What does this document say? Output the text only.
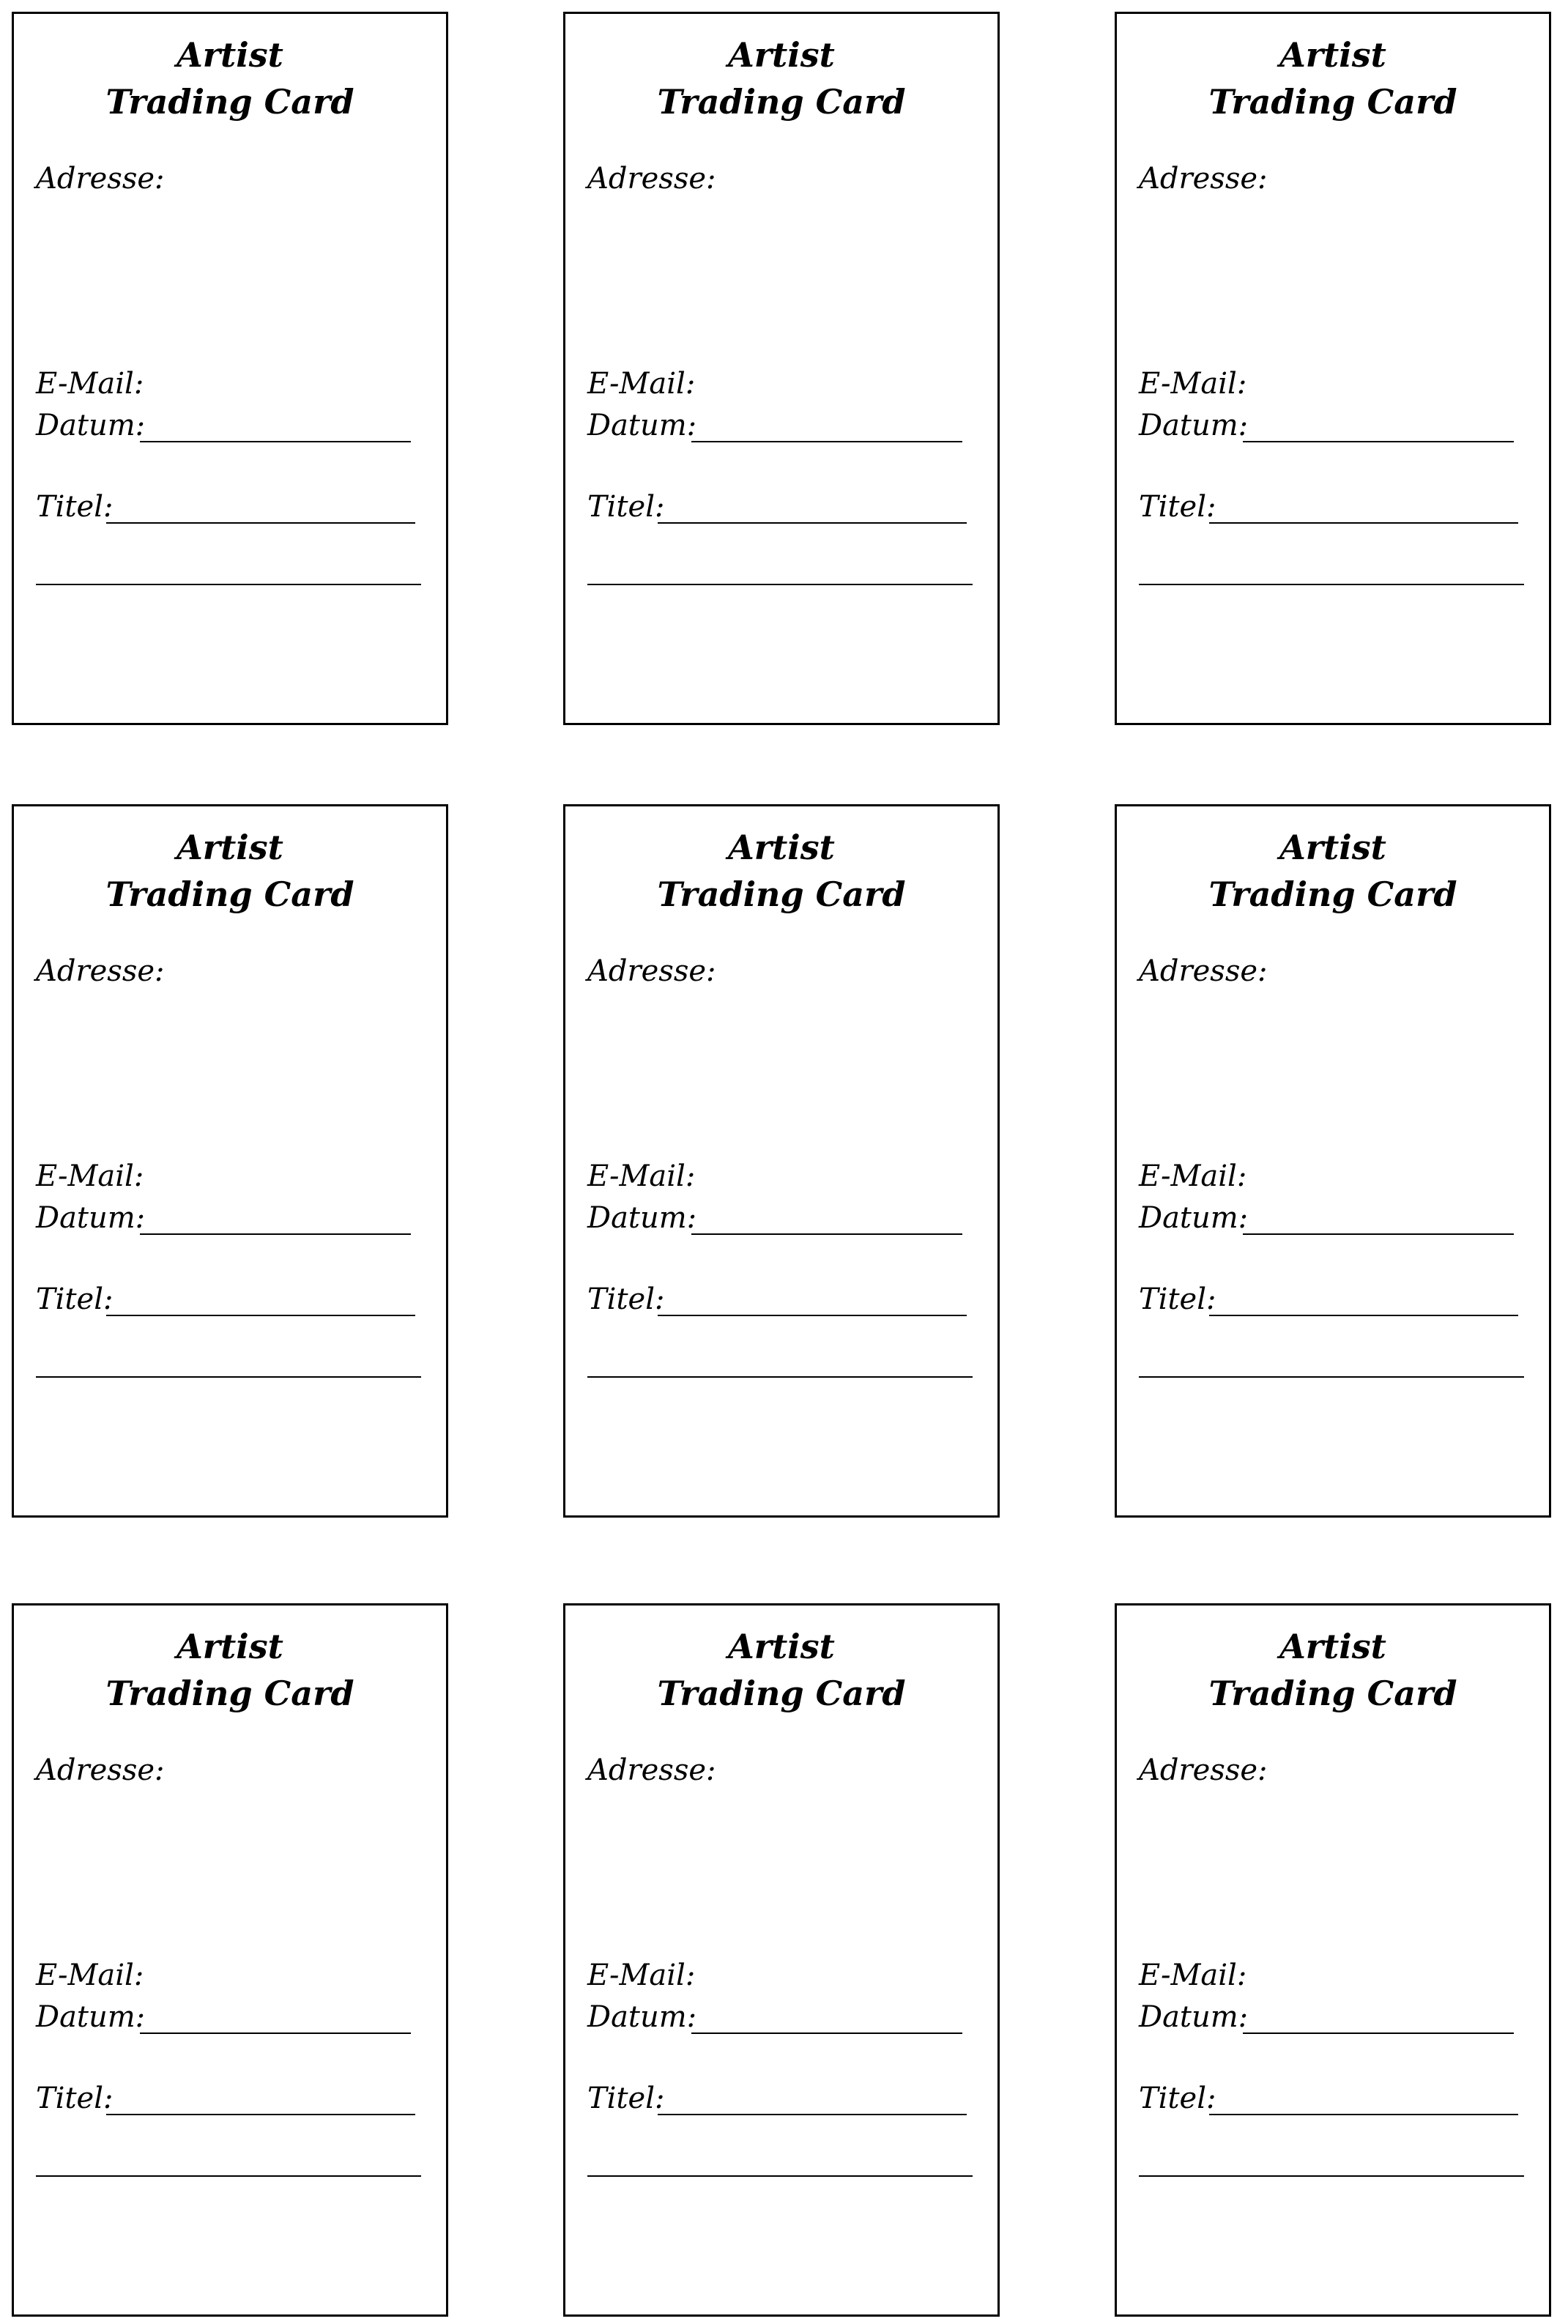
Artist
Trading Card
Adresse:
E-Mail:
Datum:
Titel:
Artist
Trading Card
Adresse:
E-Mail:
Datum:
Titel:
Artist
Trading Card
Adresse:
E-Mail:
Datum:
Titel:
Artist
Trading Card
Adresse:
E-Mail:
Datum:
Titel:
Artist
Trading Card
Adresse:
E-Mail:
Datum:
Titel:
Artist
Trading Card
Adresse:
E-Mail:
Datum:
Titel:
Artist
Trading Card
Adresse:
E-Mail:
Datum:
Titel:
Artist
Trading Card
Adresse:
E-Mail:
Datum:
Titel:
Artist
Trading Card
Adresse:
E-Mail:
Datum:
Titel:
